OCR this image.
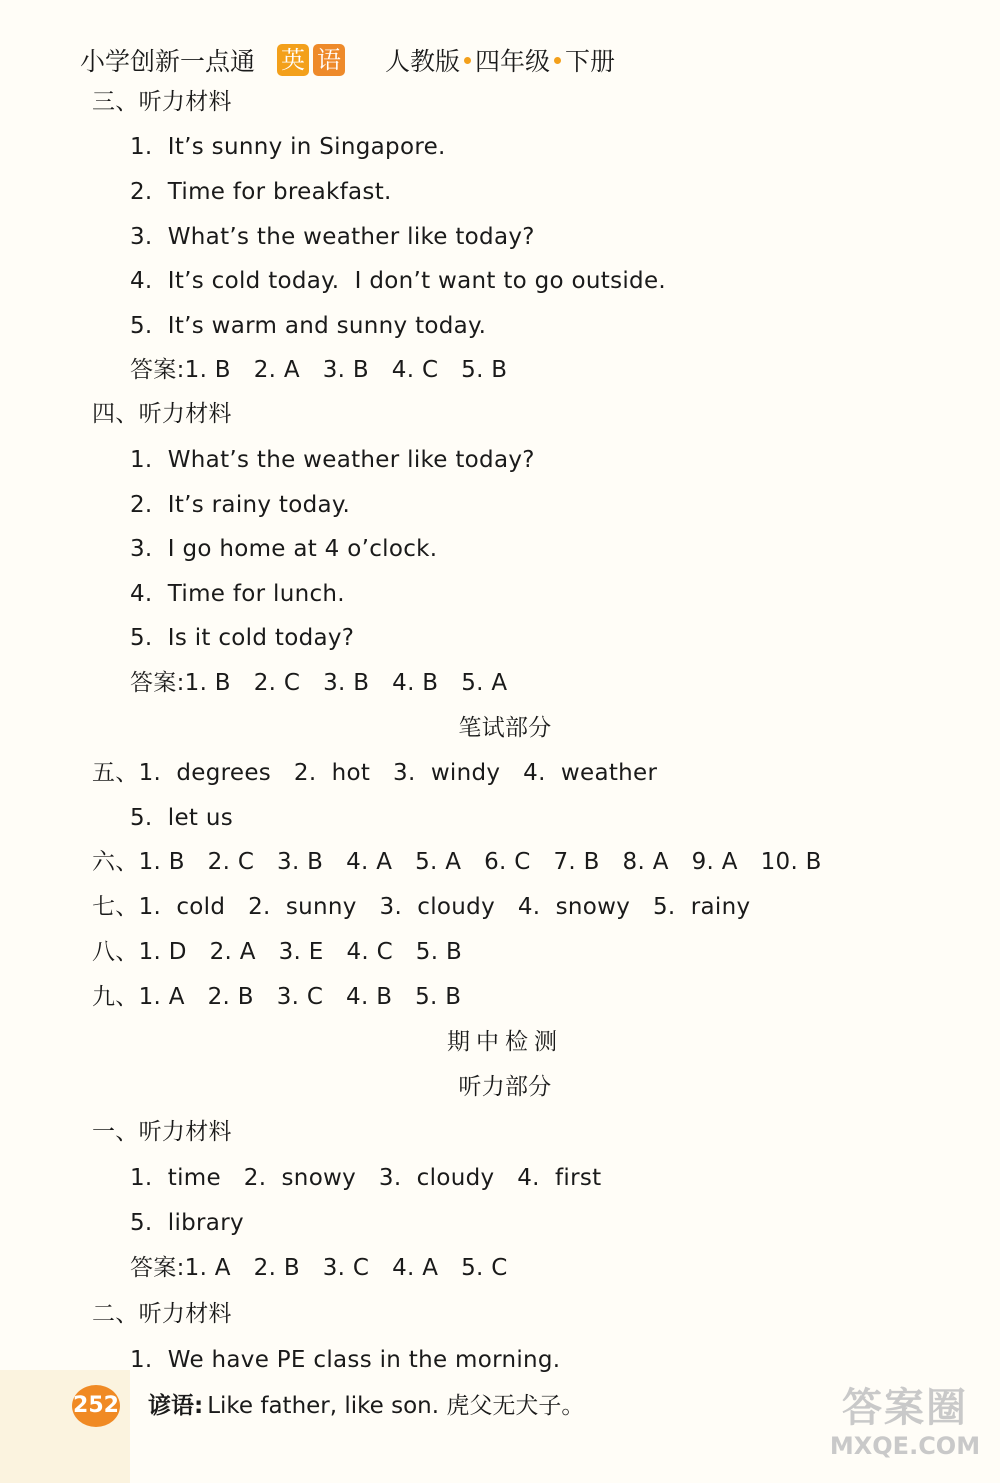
小学创新一点通 英 语 人教版 四年级 下册
三、听力材料
1.  It’s sunny in Singapore.
2.  Time for breakfast.
3.  What’s the weather like today?
4.  It’s cold today.  I don’t want to go outside.
5.  It’s warm and sunny today.
答案:1. B   2. A   3. B   4. C   5. B
四、听力材料
1.  What’s the weather like today?
2.  It’s rainy today.
3.  I go home at 4 o’clock.
4.  Time for lunch.
5.  Is it cold today?
答案:1. B   2. C   3. B   4. B   5. A
笔试部分
五、1.  degrees   2.  hot   3.  windy   4.  weather
5.  let us
六、1. B   2. C   3. B   4. A   5. A   6. C   7. B   8. A   9. A   10. B
七、1.  cold   2.  sunny   3.  cloudy   4.  snowy   5.  rainy
八、1. D   2. A   3. E   4. C   5. B
九、1. A   2. B   3. C   4. B   5. B
期中检测
听力部分
一、听力材料
1.  time   2.  snowy   3.  cloudy   4.  first
5.  library
答案:1. A   2. B   3. C   4. A   5. C
二、听力材料
1.  We have PE class in the morning.
252 谚语: Like father, like son. 虎父无犬子。	答案圈
MXQE.COM
